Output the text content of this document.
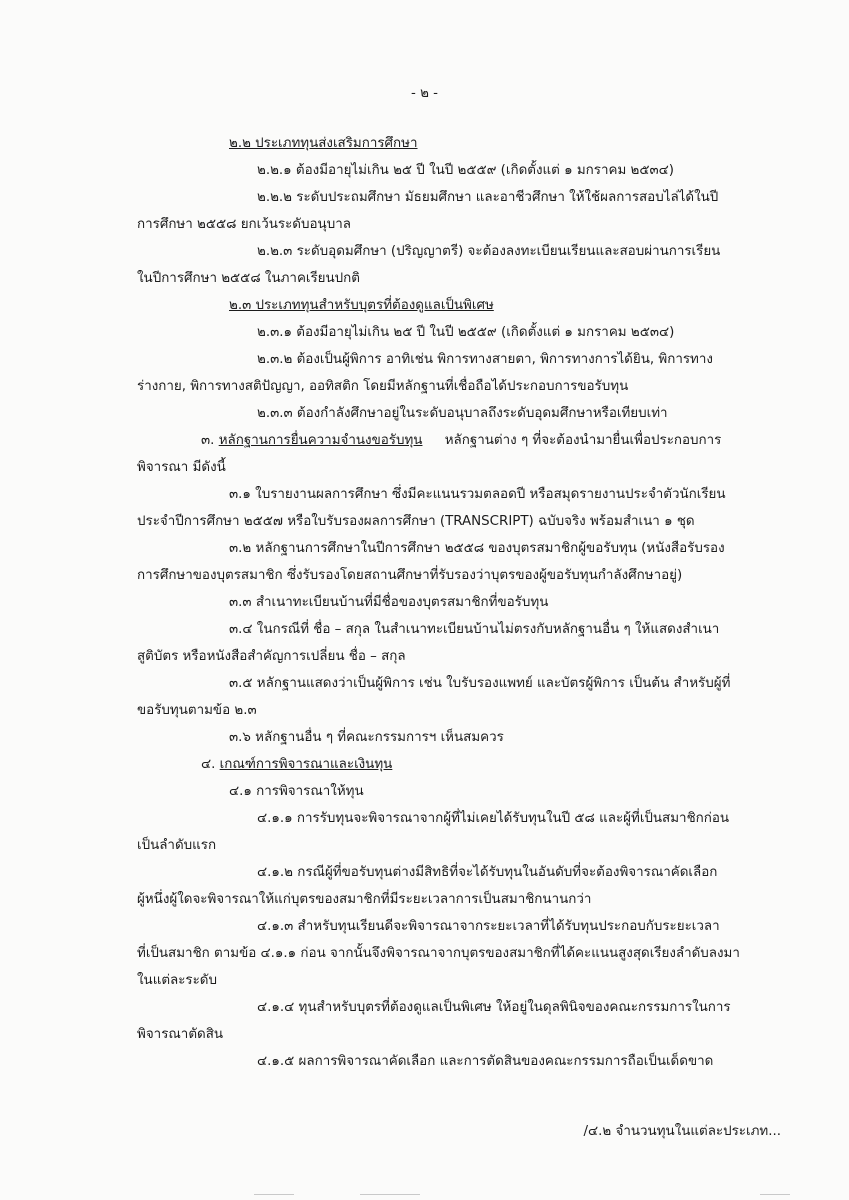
- ๒ -
๒.๒ ประเภททุนส่งเสริมการศึกษา
๒.๒.๑ ต้องมีอายุไม่เกิน ๒๕ ปี ในปี ๒๕๕๙ (เกิดตั้งแต่ ๑ มกราคม ๒๕๓๔)
๒.๒.๒ ระดับประถมศึกษา มัธยมศึกษา และอาชีวศึกษา ให้ใช้ผลการสอบไล่ได้ในปี
การศึกษา ๒๕๕๘ ยกเว้นระดับอนุบาล
๒.๒.๓ ระดับอุดมศึกษา (ปริญญาตรี) จะต้องลงทะเบียนเรียนและสอบผ่านการเรียน
ในปีการศึกษา ๒๕๕๘ ในภาคเรียนปกติ
๒.๓ ประเภททุนสำหรับบุตรที่ต้องดูแลเป็นพิเศษ
๒.๓.๑ ต้องมีอายุไม่เกิน ๒๕ ปี ในปี ๒๕๕๙ (เกิดตั้งแต่ ๑ มกราคม ๒๕๓๔)
๒.๓.๒ ต้องเป็นผู้พิการ อาทิเช่น พิการทางสายตา, พิการทางการได้ยิน, พิการทาง
ร่างกาย, พิการทางสติปัญญา, ออทิสติก โดยมีหลักฐานที่เชื่อถือได้ประกอบการขอรับทุน
๒.๓.๓ ต้องกำลังศึกษาอยู่ในระดับอนุบาลถึงระดับอุดมศึกษาหรือเทียบเท่า
๓. หลักฐานการยื่นความจำนงขอรับทุน หลักฐานต่าง ๆ ที่จะต้องนำมายื่นเพื่อประกอบการ
พิจารณา มีดังนี้
๓.๑ ใบรายงานผลการศึกษา ซึ่งมีคะแนนรวมตลอดปี หรือสมุดรายงานประจำตัวนักเรียน
ประจำปีการศึกษา ๒๕๕๗ หรือใบรับรองผลการศึกษา (TRANSCRIPT) ฉบับจริง พร้อมสำเนา ๑ ชุด
๓.๒ หลักฐานการศึกษาในปีการศึกษา ๒๕๕๘ ของบุตรสมาชิกผู้ขอรับทุน (หนังสือรับรอง
การศึกษาของบุตรสมาชิก ซึ่งรับรองโดยสถานศึกษาที่รับรองว่าบุตรของผู้ขอรับทุนกำลังศึกษาอยู่)
๓.๓ สำเนาทะเบียนบ้านที่มีชื่อของบุตรสมาชิกที่ขอรับทุน
๓.๔ ในกรณีที่ ชื่อ – สกุล ในสำเนาทะเบียนบ้านไม่ตรงกับหลักฐานอื่น ๆ ให้แสดงสำเนา
สูติบัตร หรือหนังสือสำคัญการเปลี่ยน ชื่อ – สกุล
๓.๕ หลักฐานแสดงว่าเป็นผู้พิการ เช่น ใบรับรองแพทย์ และบัตรผู้พิการ เป็นต้น สำหรับผู้ที่
ขอรับทุนตามข้อ ๒.๓
๓.๖ หลักฐานอื่น ๆ ที่คณะกรรมการฯ เห็นสมควร
๔. เกณฑ์การพิจารณาและเงินทุน
๔.๑ การพิจารณาให้ทุน
๔.๑.๑ การรับทุนจะพิจารณาจากผู้ที่ไม่เคยได้รับทุนในปี ๕๘ และผู้ที่เป็นสมาชิกก่อน
เป็นลำดับแรก
๔.๑.๒ กรณีผู้ที่ขอรับทุนต่างมีสิทธิที่จะได้รับทุนในอันดับที่จะต้องพิจารณาคัดเลือก
ผู้หนึ่งผู้ใดจะพิจารณาให้แก่บุตรของสมาชิกที่มีระยะเวลาการเป็นสมาชิกนานกว่า
๔.๑.๓ สำหรับทุนเรียนดีจะพิจารณาจากระยะเวลาที่ได้รับทุนประกอบกับระยะเวลา
ที่เป็นสมาชิก ตามข้อ ๔.๑.๑ ก่อน จากนั้นจึงพิจารณาจากบุตรของสมาชิกที่ได้คะแนนสูงสุดเรียงลำดับลงมา
ในแต่ละระดับ
๔.๑.๔ ทุนสำหรับบุตรที่ต้องดูแลเป็นพิเศษ ให้อยู่ในดุลพินิจของคณะกรรมการในการ
พิจารณาตัดสิน
๔.๑.๕ ผลการพิจารณาคัดเลือก และการตัดสินของคณะกรรมการถือเป็นเด็ดขาด
/๔.๒ จำนวนทุนในแต่ละประเภท...
